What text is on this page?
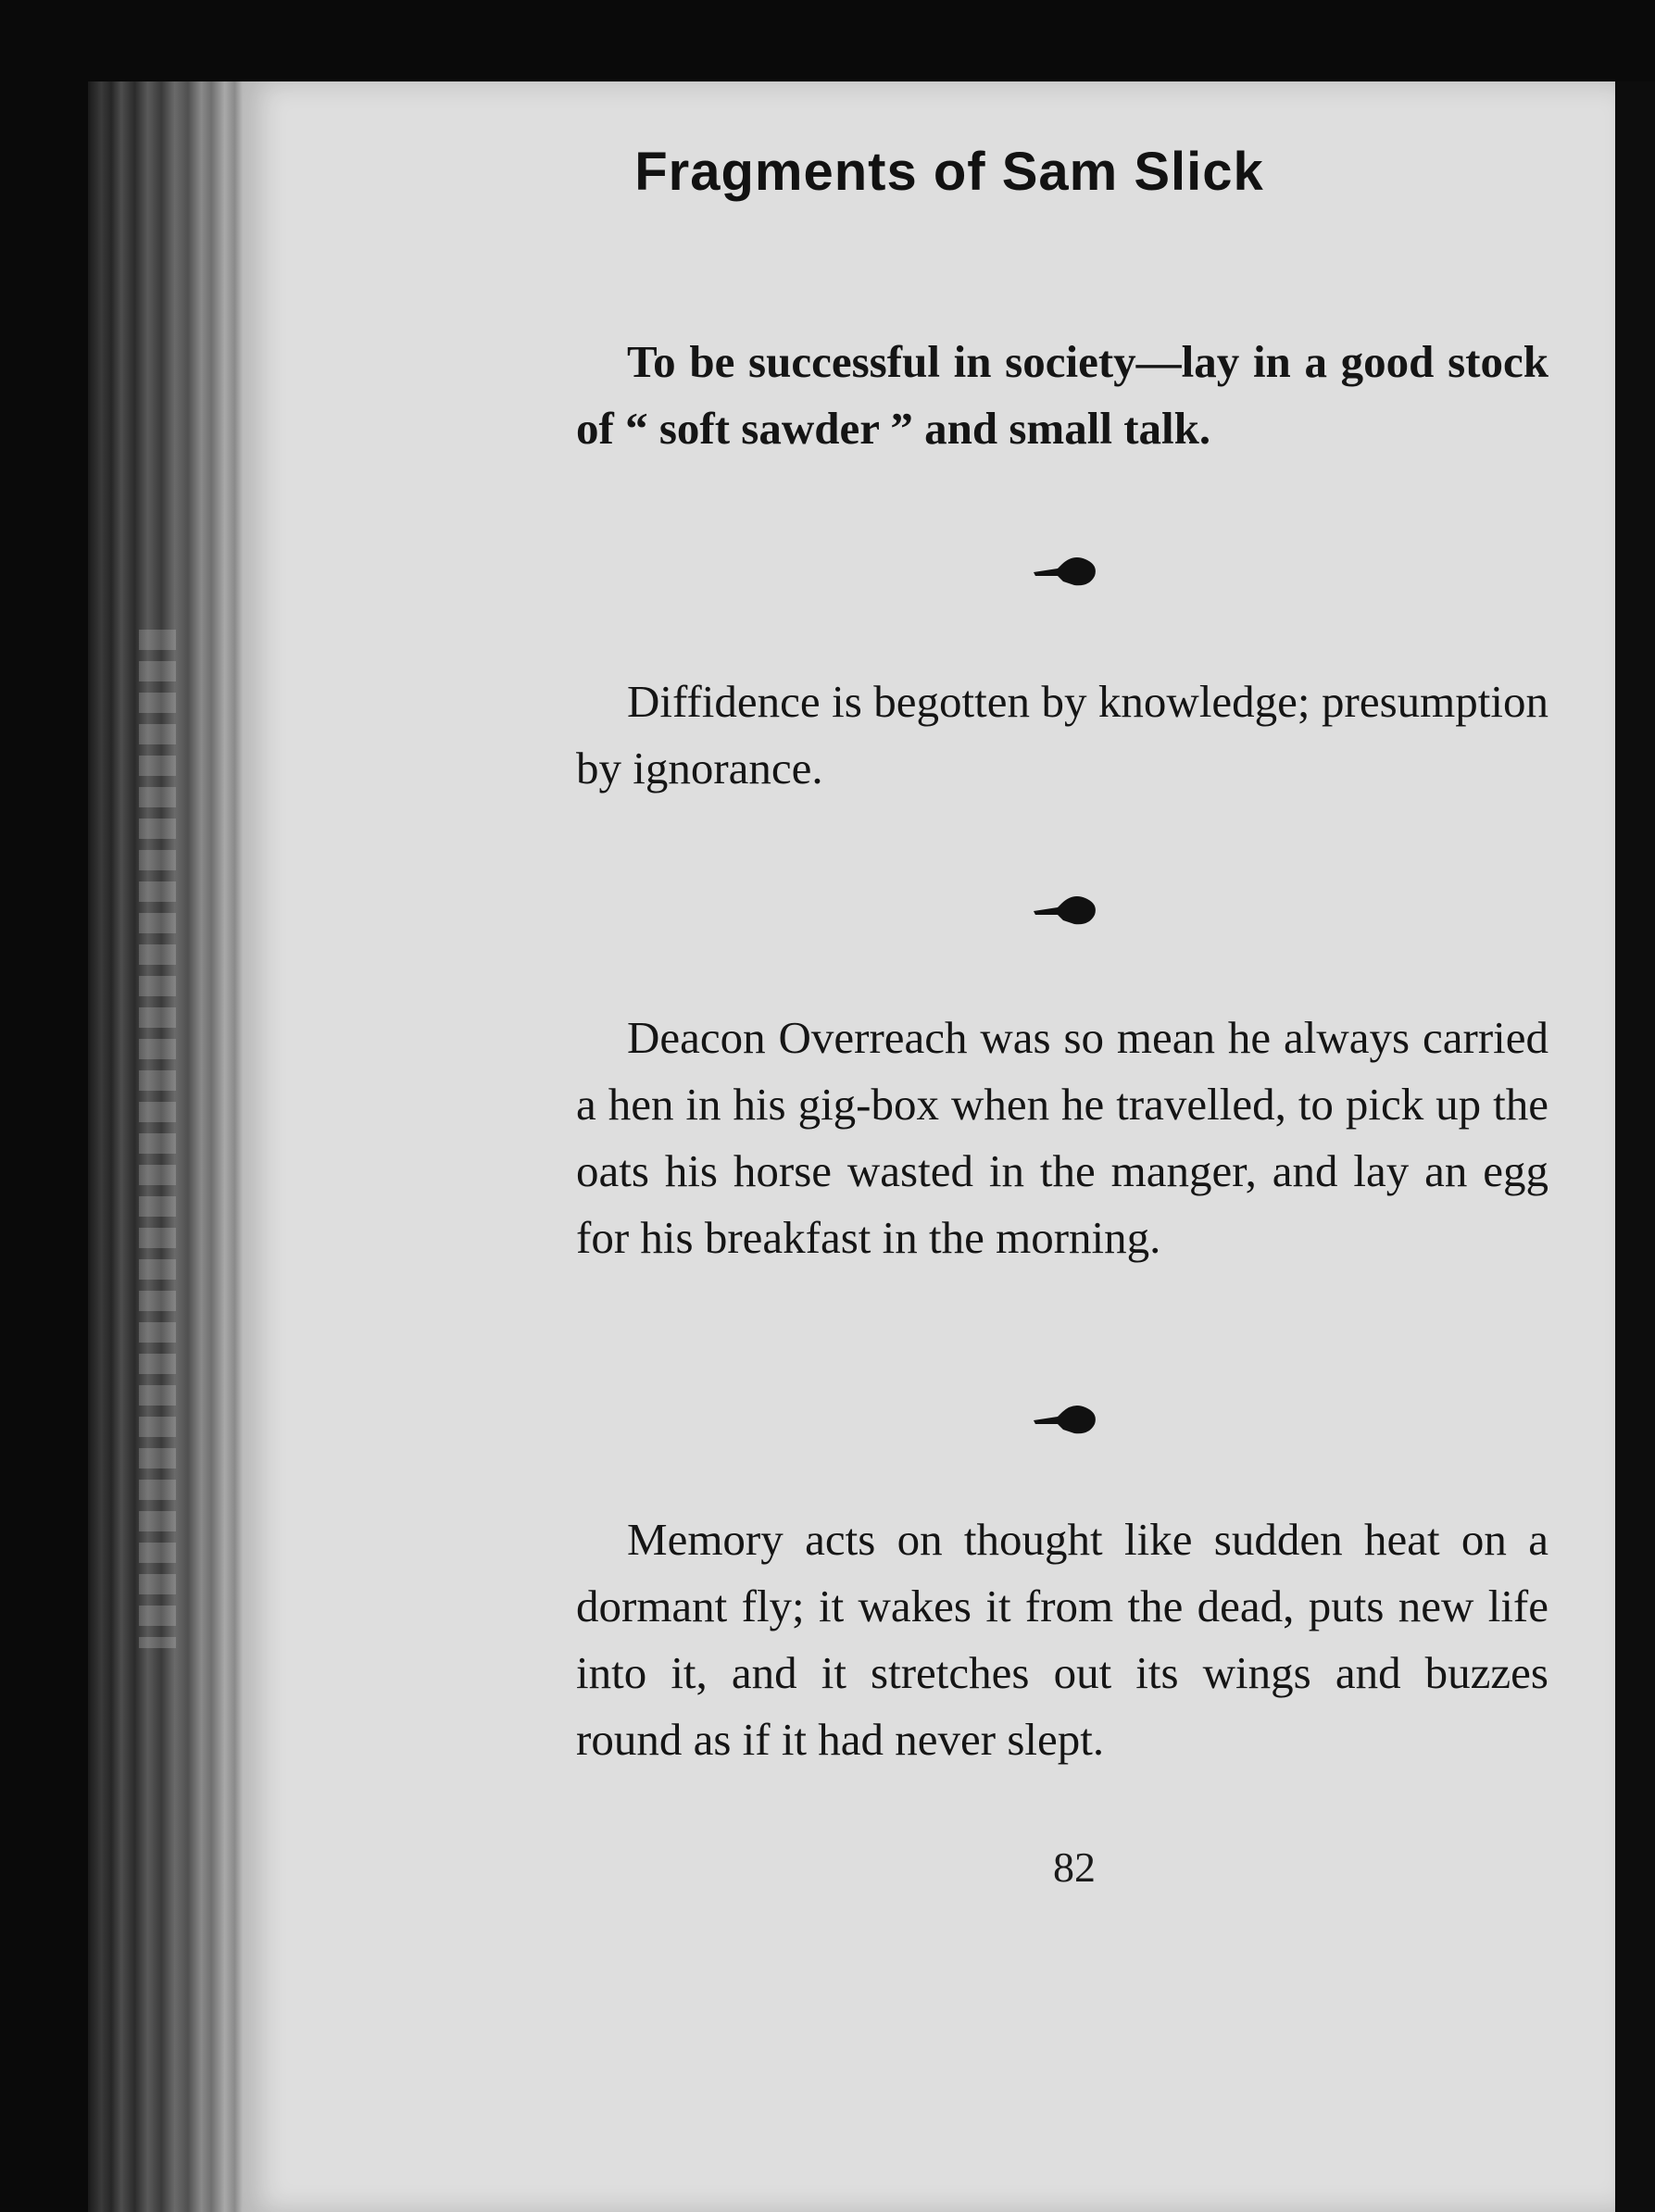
Fragments of Sam Slick
To be successful in society—lay in a good stock of “ soft sawder ” and small talk.
Diffidence is begotten by knowledge; presumption by ignorance.
Deacon Overreach was so mean he always carried a hen in his gig-box when he travelled, to pick up the oats his horse wasted in the manger, and lay an egg for his breakfast in the morning.
Memory acts on thought like sudden heat on a dormant fly; it wakes it from the dead, puts new life into it, and it stretches out its wings and buzzes round as if it had never slept.
82
